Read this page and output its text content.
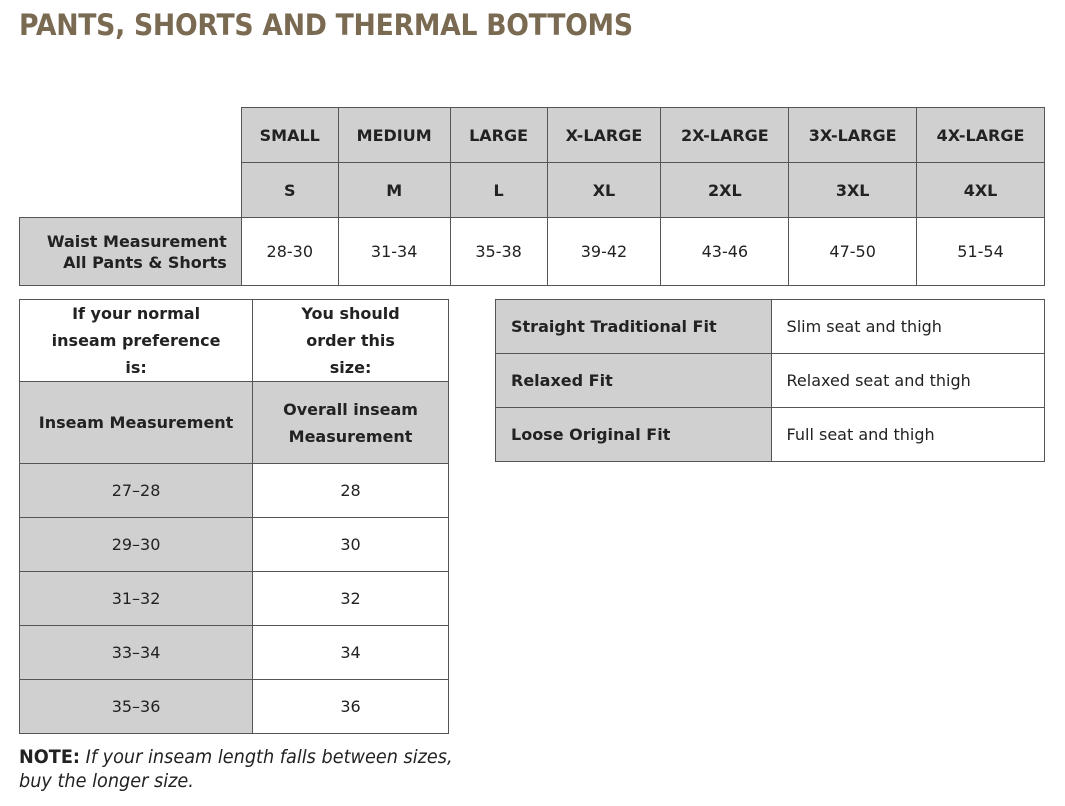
PANTS, SHORTS AND THERMAL BOTTOMS
	SMALL	MEDIUM	LARGE	X-LARGE	2X-LARGE	3X-LARGE	4X-LARGE
	S	M	L	XL	2XL	3XL	4XL
Waist Measurement
All Pants & Shorts	28-30	31-34	35-38	39-42	43-46	47-50	51-54
If your normal inseam preference is:	You should order this size:
Inseam Measurement	Overall inseam Measurement
27–28	28
29–30	30
31–32	32
33–34	34
35–36	36
Straight Traditional Fit	Slim seat and thigh
Relaxed Fit	Relaxed seat and thigh
Loose Original Fit	Full seat and thigh

NOTE: If your inseam length falls between sizes,
buy the longer size.
